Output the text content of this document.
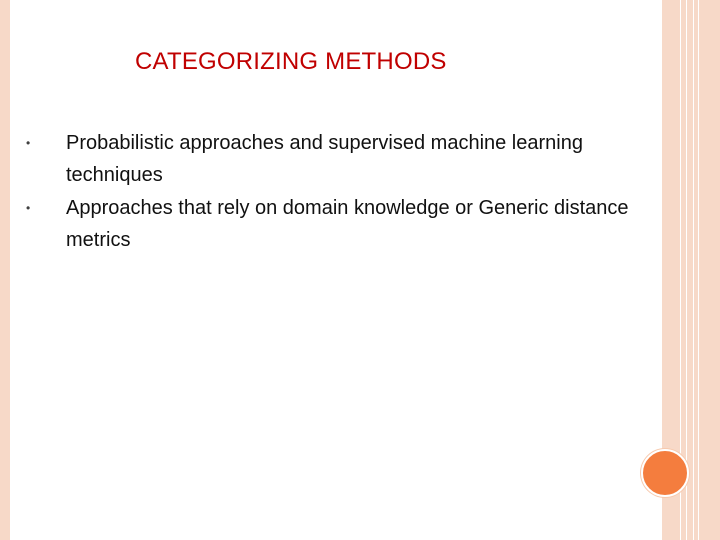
CATEGORIZING METHODS
• Probabilistic approaches and supervised machine learning techniques
• Approaches that rely on domain knowledge or Generic distance metrics
